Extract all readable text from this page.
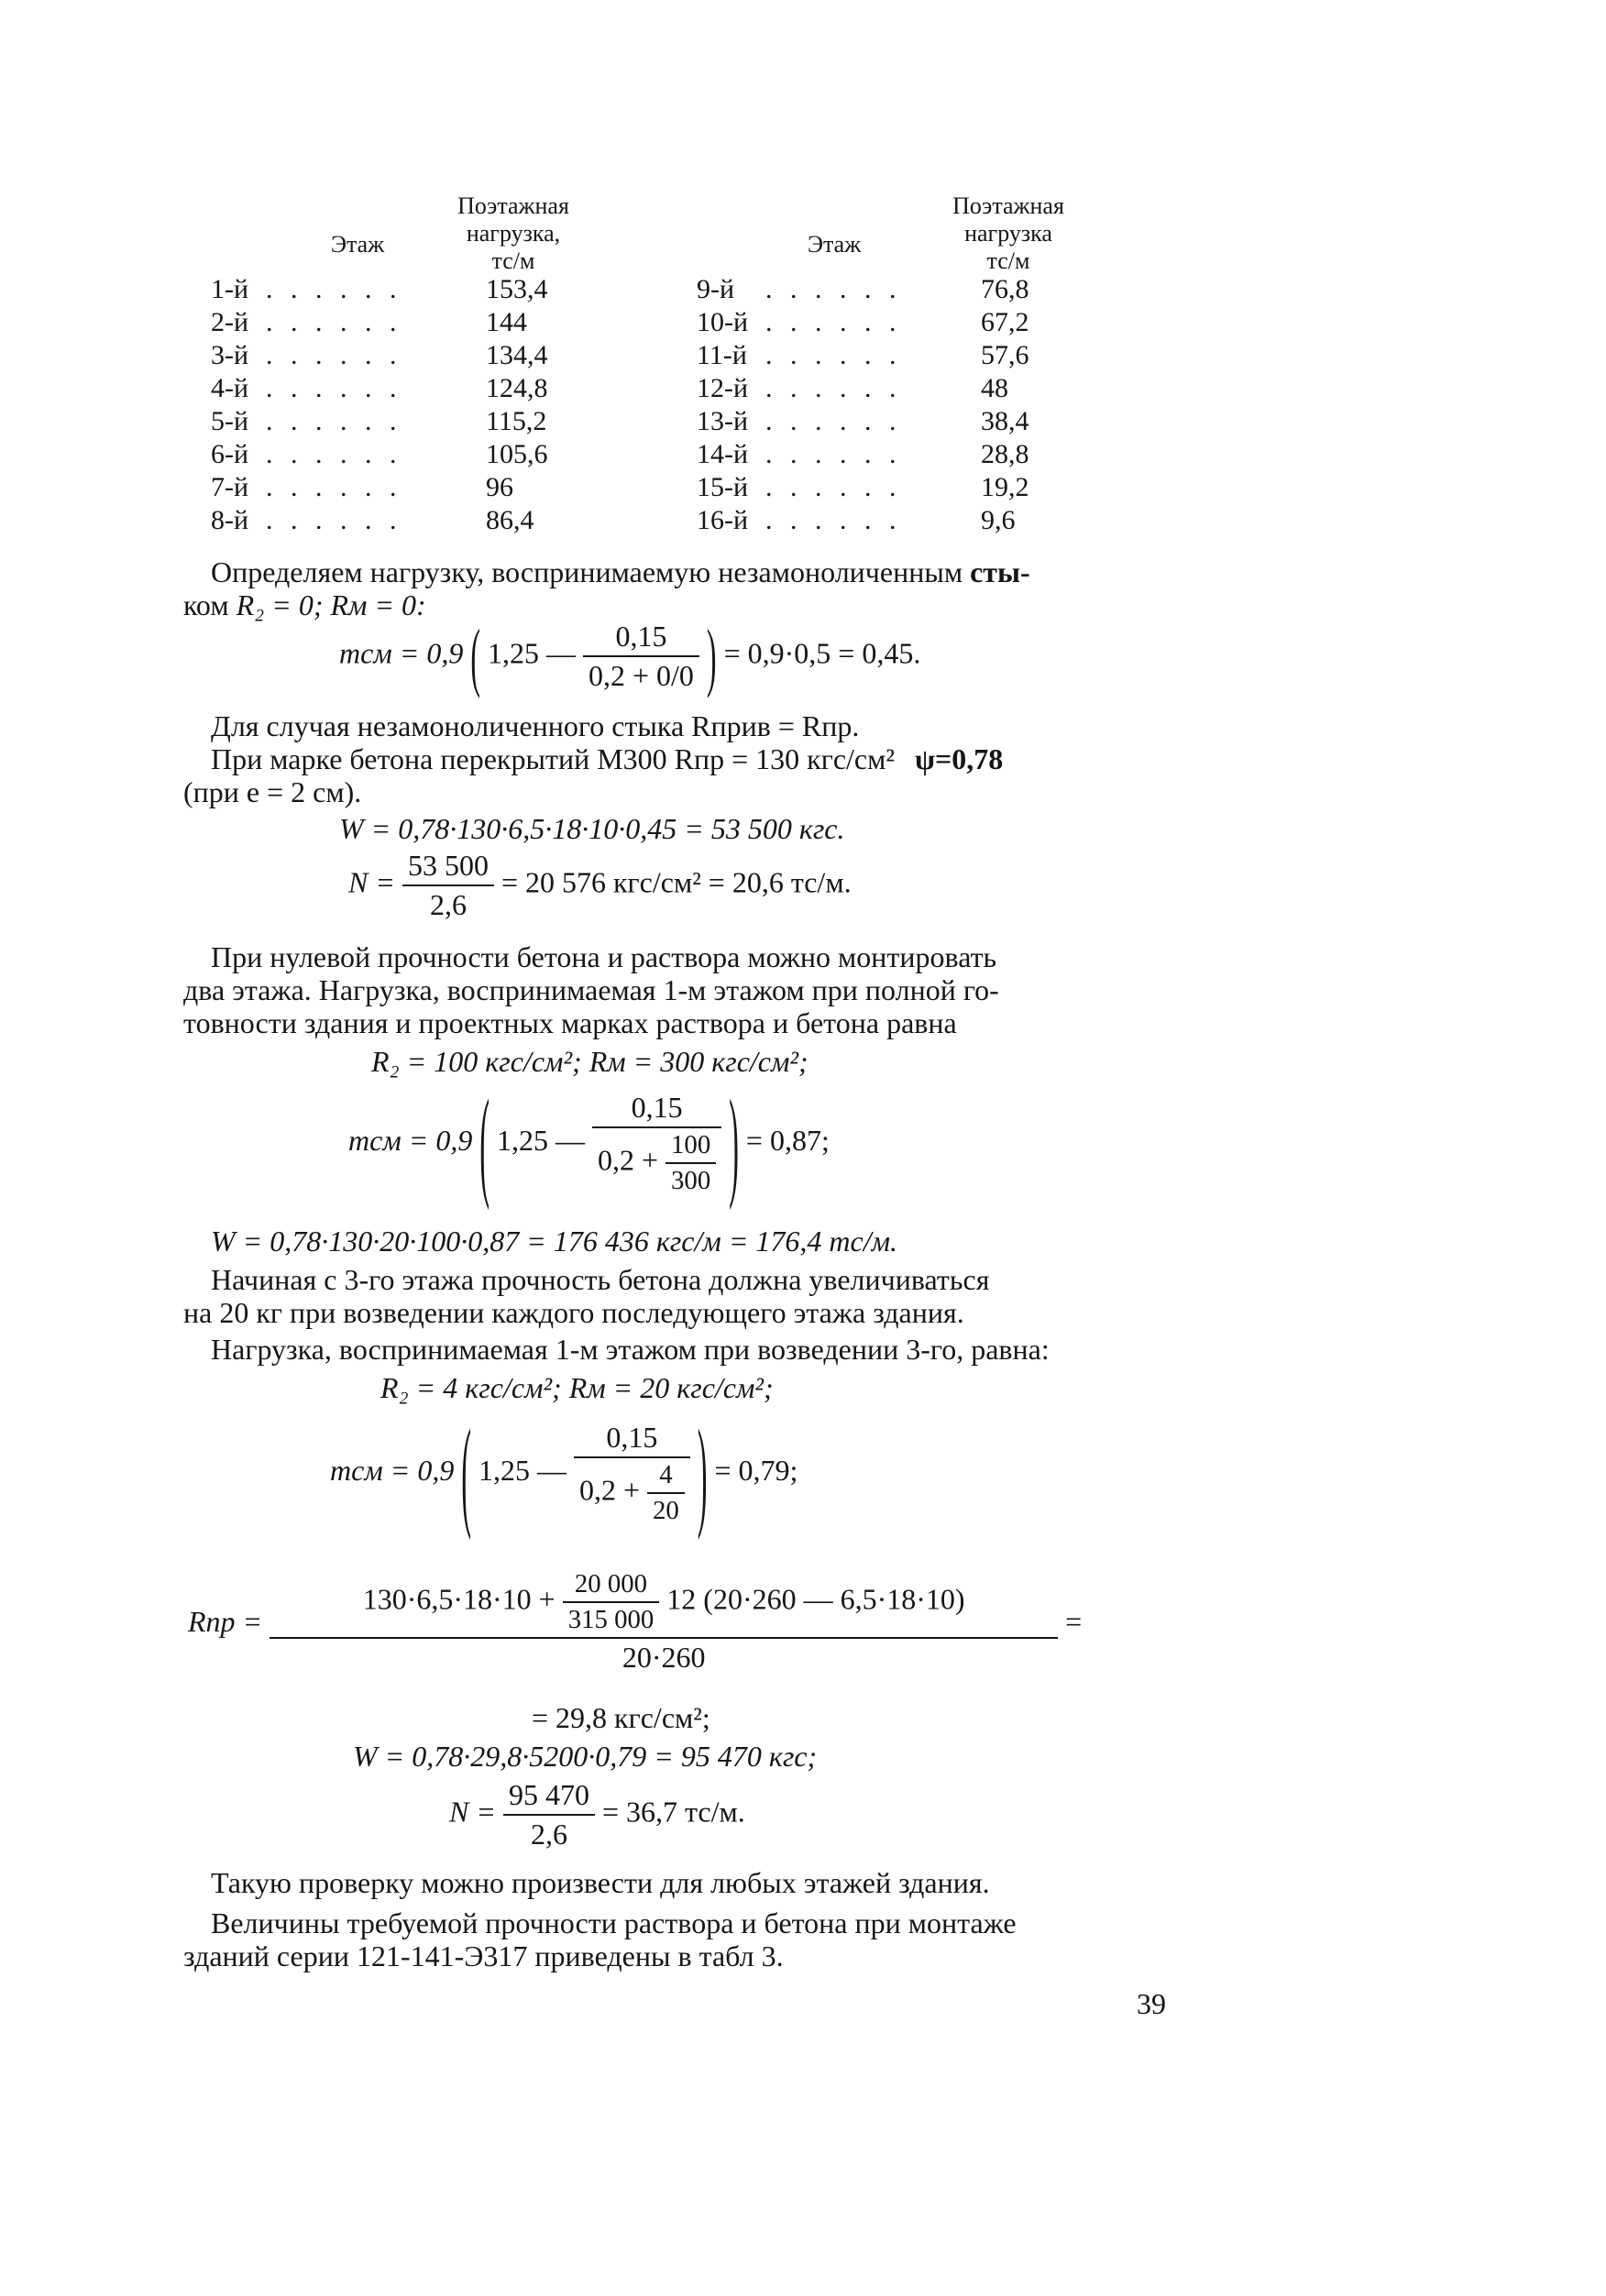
Этаж
Поэтажная
нагрузка,
тс/м
Этаж
Поэтажная
нагрузка
тс/м
1-й . . . . . .	153,4
2-й . . . . . .	144
3-й . . . . . .	134,4
4-й . . . . . .	124,8
5-й . . . . . .	115,2
6-й . . . . . .	105,6
7-й . . . . . .	96
8-й . . . . . .	86,4
9-й . . . . . .	76,8
10-й . . . . . .	67,2
11-й . . . . . .	57,6
12-й . . . . . .	48
13-й . . . . . .	38,4
14-й . . . . . .	28,8
15-й . . . . . .	19,2
16-й . . . . . .	9,6
Определяем нагрузку, воспринимаемую незамоноличенным сты-
ком R₂ = 0; Rм = 0:
mсм = 0,9 ( 1,25 — $\frac{0,15}{0,2 + 0/0}$ ) = 0,9·0,5 = 0,45.
Для случая незамоноличенного стыка Rприв = Rпр.
При марке бетона перекрытий М300 Rпр = 130 кгс/см² ψ=0,78
(при e = 2 см).
W = 0,78·130·6,5·18·10·0,45 = 53 500 кгс.
$N = \frac{53 500}{2,6} = 20$ 576 кгс/см² = 20,6 тс/м.
При нулевой прочности бетона и раствора можно монтировать
два этажа. Нагрузка, воспринимаемая 1-м этажом при полной го-
товности здания и проектных марках раствора и бетона равна
R₂ = 100 кгс/см²; Rм = 300 кгс/см²;
mсм = 0,9 ( 1,25 — $\frac{0,15}{0,2 + \frac{100}{300}}$ ) = 0,87;
W = 0,78·130·20·100·0,87 = 176 436 кгс/м = 176,4 тс/м.
Начиная с 3-го этажа прочность бетона должна увеличиваться
на 20 кг при возведении каждого последующего этажа здания.
Нагрузка, воспринимаемая 1-м этажом при возведении 3-го, равна:
R₂ = 4 кгс/см²; Rм = 20 кгс/см²;
mсм = 0,9 ( 1,25 — $\frac{0,15}{0,2 + \frac{4}{20}}$ ) = 0,79;
Rпр =
$130\cdot 6,5\cdot 18\cdot 10 + \frac{20 000}{315 000} 12$ (20·260 — 6,5·18·10)
20·260
=
= 29,8 кгс/см²;
W = 0,78·29,8·5200·0,79 = 95 470 кгс;
$N = \frac{95 470}{2,6} = 36,7$ тс/м.
Такую проверку можно произвести для любых этажей здания.
Величины требуемой прочности раствора и бетона при монтаже
зданий серии 121-141-Э317 приведены в табл 3.
39
